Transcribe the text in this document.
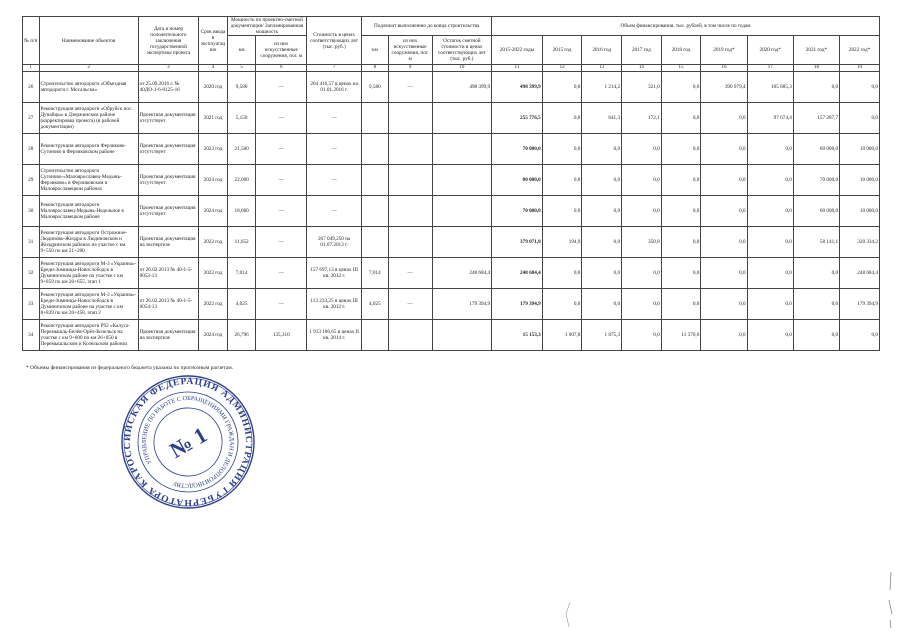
№ п/п	Наименование объектов	Дата и номер положительного заключения государственной экспертизы проекта	Срок ввода в эксплуатацию	Мощность по проектно-сметной документации/ Запланированная мощность		Стоимость в ценах соответствующих лет (тыс. руб.)	Подлежит выполнению до конца строительства			Объем финансирования, тыс. рублей, в том числе по годам								
				км	из них искусственные сооружения, пог. м		км	из них искусственные сооружения, пог. м	Остаток сметной стоимости в ценах соответствующих лет (тыс. руб.)	2015-2022 годы	2015 год	2016 год	2017 год	2018 год	2019 год*	2020 год*	2021 год*	2022 год*
1	2	3	4	5	6	7	8	9	10	11	12	13	14	15	16	17	18	19
26	Строительство автодороги «Объездная автодороги г. Мосальска»	от 25.09.2016 г. № 40ДО-1-6-0125-16	2020 год	9,580	—	204 416,57 в ценах на 01.01.2016 г.	9,580	—	498 399,9	498 399,9	0,0	1 214,2	321,0	0,0	390 979,4	105 885,3	0,0	0,0
27	Реконструкция автодороги «Обруйск пос. Дунайцы» в Дзержинском районе (корректировка проекта) (в рабочей документации)	Проектная документация отсутствует	2021 год	5,150	—	—				255 776,5	0,0	641,3	172,1	0,0	0,0	97 674,4	157 287,7	0,0
28	Реконструкция автодороги Ферзиково-Сугоново в Ферзиковском районе	Проектная документация отсутствует	2023 год	21,500	—	—				70 000,0	0,0	0,0	0,0	0,0	0,0	0,0	60 000,0	10 000,0
29	Строительство автодороги Сугоново-«Малоярославец-Медынь-Ферзиково» в Ферзиковском и Малоярославецком районах	Проектная документация отсутствует	2024 год	22,000	—	—				80 000,0	0,0	0,0	0,0	0,0	0,0	0,0	70 000,0	10 000,0
30	Реконструкция автодороги Малоярославец-Медынь-Недельное в Малоярославецком районе	Проектная документация отсутствует	2024 год	18,000	—	—				70 000,0	0,0	0,0	0,0	0,0	0,0	0,0	60 000,0	10 000,0
31	Реконструкция автодороги Острожное-Людиново-Жиздра в Людиновском и Жиздринском районах на участке с км 9+550 по км 21+200	Проектная документация на экспертизе	2022 год	11,652	—	267 049,250 на 01.07.2013 г.				379 071,8	194,9	0,0	350,8	0,0	0,0	0,0	58 141,1	320 334,2
32	Реконструкция автодороги М-3 «Украина»-Бреди-Зимницы-Новослободск в Думиничском районе на участке с км 9+859 по км 20+655, этап 1	от 26.02.2013 № 40-1-5-0053-13	2022 год	7,014	—	157 697,13 в ценах III кв. 2012 г.	7,014	—	248 684,4	248 684,4	0,0	0,0	0,0	0,0	0,0	0,0	0,0	248 684,4
33	Реконструкция автодороги М-3 «Украина»-Бреди-Зимницы-Новослободск в Думиничском районе на участке с км 8+839 по км 20+458, этап 2	от 26.02.2013 № 40-1-5-0054-13	2022 год	4,025	—	113 233,25 в ценах III кв. 2012 г.	4,025	—	179 394,9	179 394,9	0,0	0,0	0,0	0,0	0,0	0,0	0,0	179 394,9
34	Реконструкция автодороги Р92 «Калуга-Перемышль-Белёв-Орёл-Козельск на участке с км 9+600 по км 26+050 в Перемышльском и Козельском районах	Проектная документация на экспертизе	2024 год	26,796	135,310	1 913 106,65 в ценах II кв. 2014 г.				15 153,3	1 907,8	1 875,3	0,0	11 370,0	0,0	0,0	0,0	0,0
* Объемы финансирования из федерального бюджета указаны по прогнозным расчетам.
РОССИЙСКАЯ ФЕДЕРАЦИЯ АДМИНИСТРАЦИЯ ГУБЕРНАТОРА КАЛУЖСКОЙ
УПРАВЛЕНИЕ ПО РАБОТЕ С ОБРАЩЕНИЯМИ ГРАЖДАН И ДЕЛОПРОИЗВОДСТВУ
№ 1
